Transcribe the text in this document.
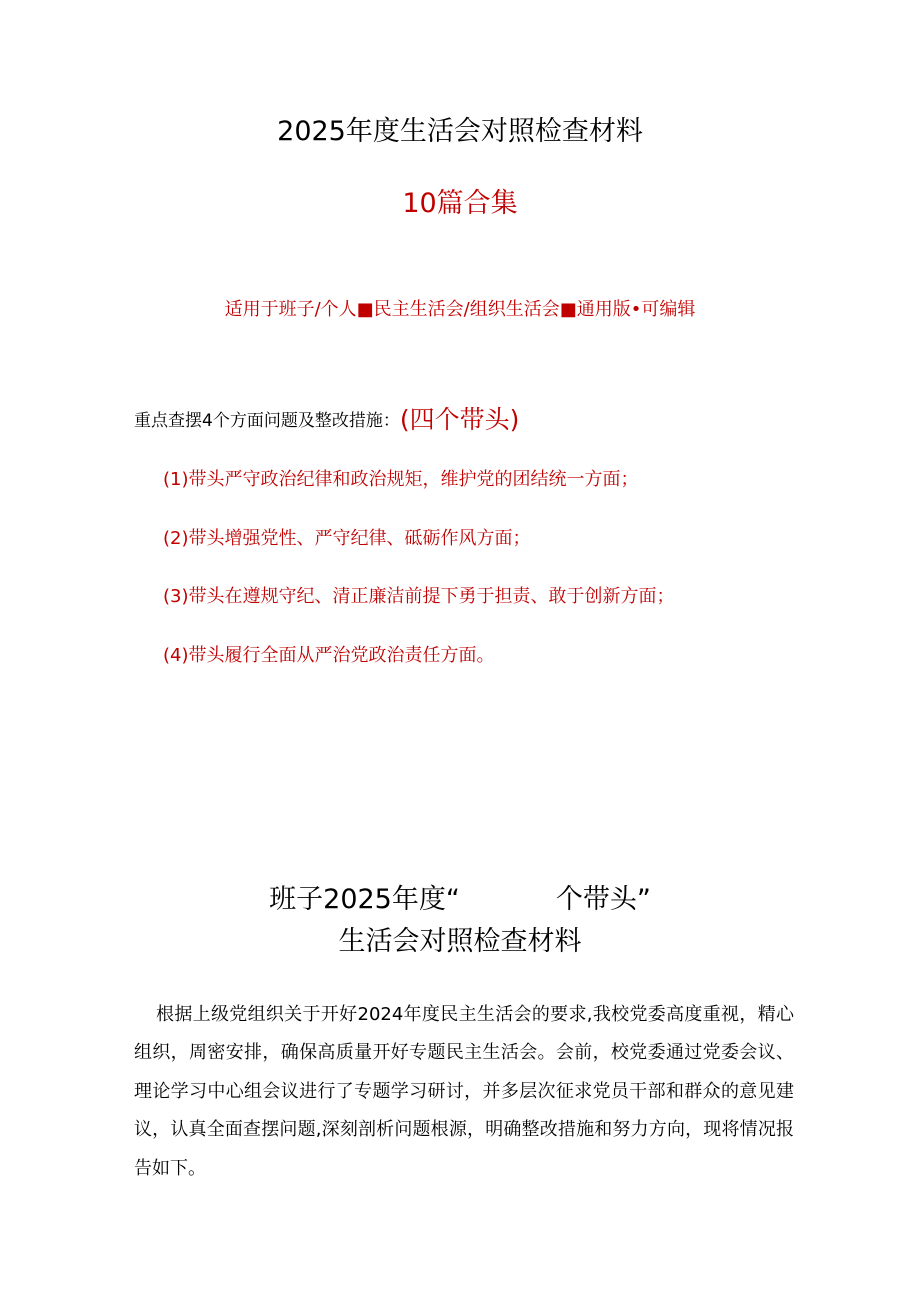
2025年度生活会对照检查材料
10篇合集
适用于班子/个人■民主生活会/组织生活会■通用版•可编辑
重点查摆4个方面问题及整改措施：(四个带头)
(1)带头严守政治纪律和政治规矩，维护党的团结统一方面；
(2)带头增强党性、严守纪律、砥砺作风方面；
(3)带头在遵规守纪、清正廉洁前提下勇于担责、敢于创新方面；
(4)带头履行全面从严治党政治责任方面。
班子2025年度“	个带头”
生活会对照检查材料

根据上级党组织关于开好2024年度民主生活会的要求,我校党委高度重视，精心组织，周密安排，确保高质量开好专题民主生活会。会前，校党委通过党委会议、理论学习中心组会议进行了专题学习研讨，并多层次征求党员干部和群众的意见建议，认真全面查摆问题,深刻剖析问题根源，明确整改措施和努力方向，现将情况报告如下。
